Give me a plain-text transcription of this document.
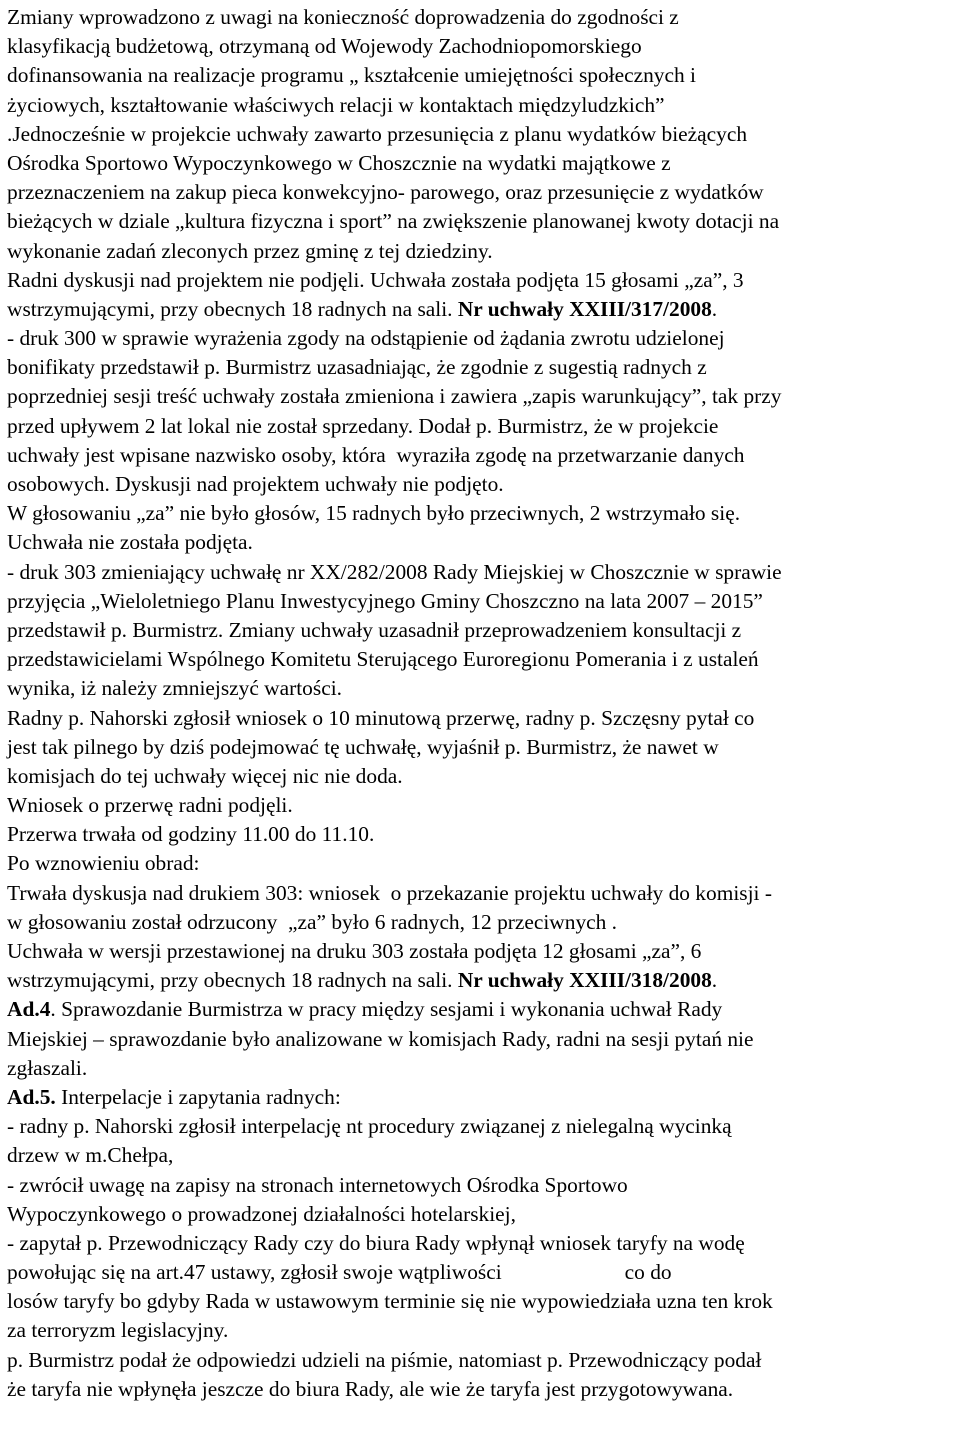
Zmiany wprowadzono z uwagi na konieczność doprowadzenia do zgodności z
klasyfikacją budżetową, otrzymaną od Wojewody Zachodniopomorskiego
dofinansowania na realizacje programu „ kształcenie umiejętności społecznych i
życiowych, kształtowanie właściwych relacji w kontaktach międzyludzkich”
.Jednocześnie w projekcie uchwały zawarto przesunięcia z planu wydatków bieżących
Ośrodka Sportowo Wypoczynkowego w Choszcznie na wydatki majątkowe z
przeznaczeniem na zakup pieca konwekcyjno- parowego, oraz przesunięcie z wydatków
bieżących w dziale „kultura fizyczna i sport” na zwiększenie planowanej kwoty dotacji na
wykonanie zadań zleconych przez gminę z tej dziedziny.
Radni dyskusji nad projektem nie podjęli. Uchwała została podjęta 15 głosami „za”, 3
wstrzymującymi, przy obecnych 18 radnych na sali. Nr uchwały XXIII/317/2008.
- druk 300 w sprawie wyrażenia zgody na odstąpienie od żądania zwrotu udzielonej
bonifikaty przedstawił p. Burmistrz uzasadniając, że zgodnie z sugestią radnych z
poprzedniej sesji treść uchwały została zmieniona i zawiera „zapis warunkujący”, tak przy
przed upływem 2 lat lokal nie został sprzedany. Dodał p. Burmistrz, że w projekcie
uchwały jest wpisane nazwisko osoby, która  wyraziła zgodę na przetwarzanie danych
osobowych. Dyskusji nad projektem uchwały nie podjęto.
W głosowaniu „za” nie było głosów, 15 radnych było przeciwnych, 2 wstrzymało się.
Uchwała nie została podjęta.
- druk 303 zmieniający uchwałę nr XX/282/2008 Rady Miejskiej w Choszcznie w sprawie
przyjęcia „Wieloletniego Planu Inwestycyjnego Gminy Choszczno na lata 2007 – 2015”
przedstawił p. Burmistrz. Zmiany uchwały uzasadnił przeprowadzeniem konsultacji z
przedstawicielami Wspólnego Komitetu Sterującego Euroregionu Pomerania i z ustaleń
wynika, iż należy zmniejszyć wartości.
Radny p. Nahorski zgłosił wniosek o 10 minutową przerwę, radny p. Szczęsny pytał co
jest tak pilnego by dziś podejmować tę uchwałę, wyjaśnił p. Burmistrz, że nawet w
komisjach do tej uchwały więcej nic nie doda.
Wniosek o przerwę radni podjęli.
Przerwa trwała od godziny 11.00 do 11.10.
Po wznowieniu obrad:
Trwała dyskusja nad drukiem 303: wniosek  o przekazanie projektu uchwały do komisji -
w głosowaniu został odrzucony  „za” było 6 radnych, 12 przeciwnych .
Uchwała w wersji przestawionej na druku 303 została podjęta 12 głosami „za”, 6
wstrzymującymi, przy obecnych 18 radnych na sali. Nr uchwały XXIII/318/2008.
Ad.4. Sprawozdanie Burmistrza w pracy między sesjami i wykonania uchwał Rady
Miejskiej – sprawozdanie było analizowane w komisjach Rady, radni na sesji pytań nie
zgłaszali.
Ad.5. Interpelacje i zapytania radnych:
- radny p. Nahorski zgłosił interpelację nt procedury związanej z nielegalną wycinką
drzew w m.Chełpa,
- zwrócił uwagę na zapisy na stronach internetowych Ośrodka Sportowo
Wypoczynkowego o prowadzonej działalności hotelarskiej,
- zapytał p. Przewodniczący Rady czy do biura Rady wpłynął wniosek taryfy na wodę
powołując się na art.47 ustawy, zgłosił swoje wątpliwości                       co do
losów taryfy bo gdyby Rada w ustawowym terminie się nie wypowiedziała uzna ten krok
za terroryzm legislacyjny.
p. Burmistrz podał że odpowiedzi udzieli na piśmie, natomiast p. Przewodniczący podał
że taryfa nie wpłynęła jeszcze do biura Rady, ale wie że taryfa jest przygotowywana.
